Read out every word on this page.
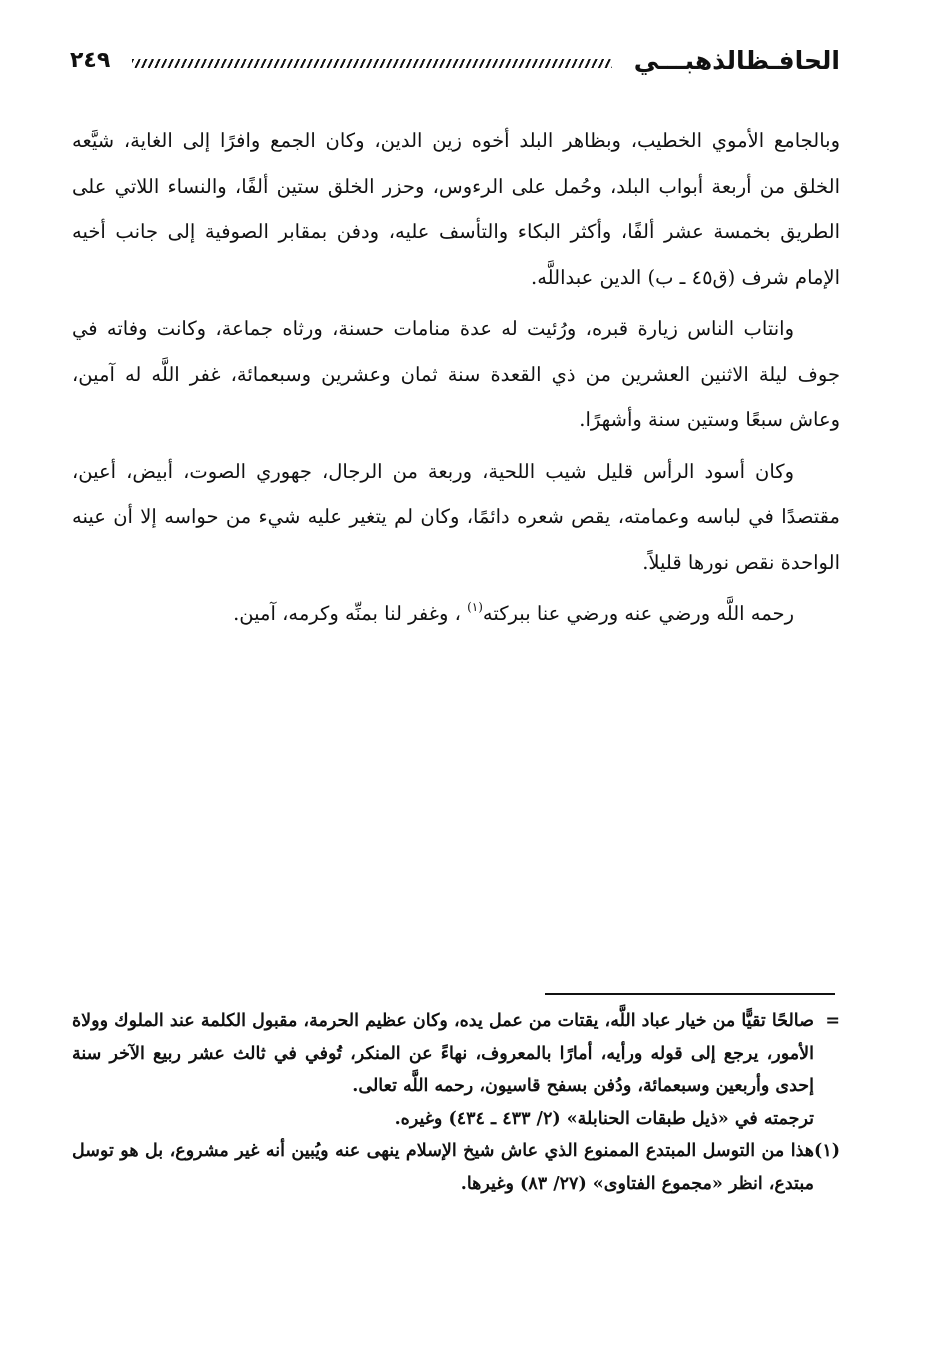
الحافـظالذهبـــي
٢٤٩

وبالجامع الأموي الخطيب، وبظاهر البلد أخوه زين الدين، وكان الجمع وافرًا إلى الغاية، شيَّعه الخلق من أربعة أبواب البلد، وحُمل على الرءوس، وحزر الخلق ستين ألفًا، والنساء اللاتي على الطريق بخمسة عشر ألفًا، وأكثر البكاء والتأسف عليه، ودفن بمقابر الصوفية إلى جانب أخيه الإمام شرف (ق٤٥ ـ ب) الدين عبداللَّه.

وانتاب الناس زيارة قبره، ورُئيت له عدة منامات حسنة، ورثاه جماعة، وكانت وفاته في جوف ليلة الاثنين العشرين من ذي القعدة سنة ثمان وعشرين وسبعمائة، غفر اللَّه له آمين، وعاش سبعًا وستين سنة وأشهرًا.

وكان أسود الرأس قليل شيب اللحية، وربعة من الرجال، جهوري الصوت، أبيض، أعين، مقتصدًا في لباسه وعمامته، يقص شعره دائمًا، وكان لم يتغير عليه شيء من حواسه إلا أن عينه الواحدة نقص نورها قليلاً.

رحمه اللَّه ورضي عنه ورضي عنا ببركته$^{(١)}$ ، وغفر لنا بمنِّه وكرمه، آمين.

=
صالحًا تقيًّا من خيار عباد اللَّه، يقتات من عمل يده، وكان عظيم الحرمة، مقبول الكلمة عند الملوك وولاة الأمور، يرجع إلى قوله ورأيه، أمارًا بالمعروف، نهاءً عن المنكر، تُوفي في ثالث عشر ربيع الآخر سنة إحدى وأربعين وسبعمائة، ودُفن بسفح قاسيون، رحمه اللَّه تعالى.
ترجمته في «ذيل طبقات الحنابلة» (٢/ ٤٣٣ ـ ٤٣٤) وغيره.
(١)
هذا من التوسل المبتدع الممنوع الذي عاش شيخ الإسلام ينهى عنه ويُبين أنه غير مشروع، بل هو توسل مبتدع، انظر «مجموع الفتاوى» (٢٧/ ٨٣) وغيرها.
